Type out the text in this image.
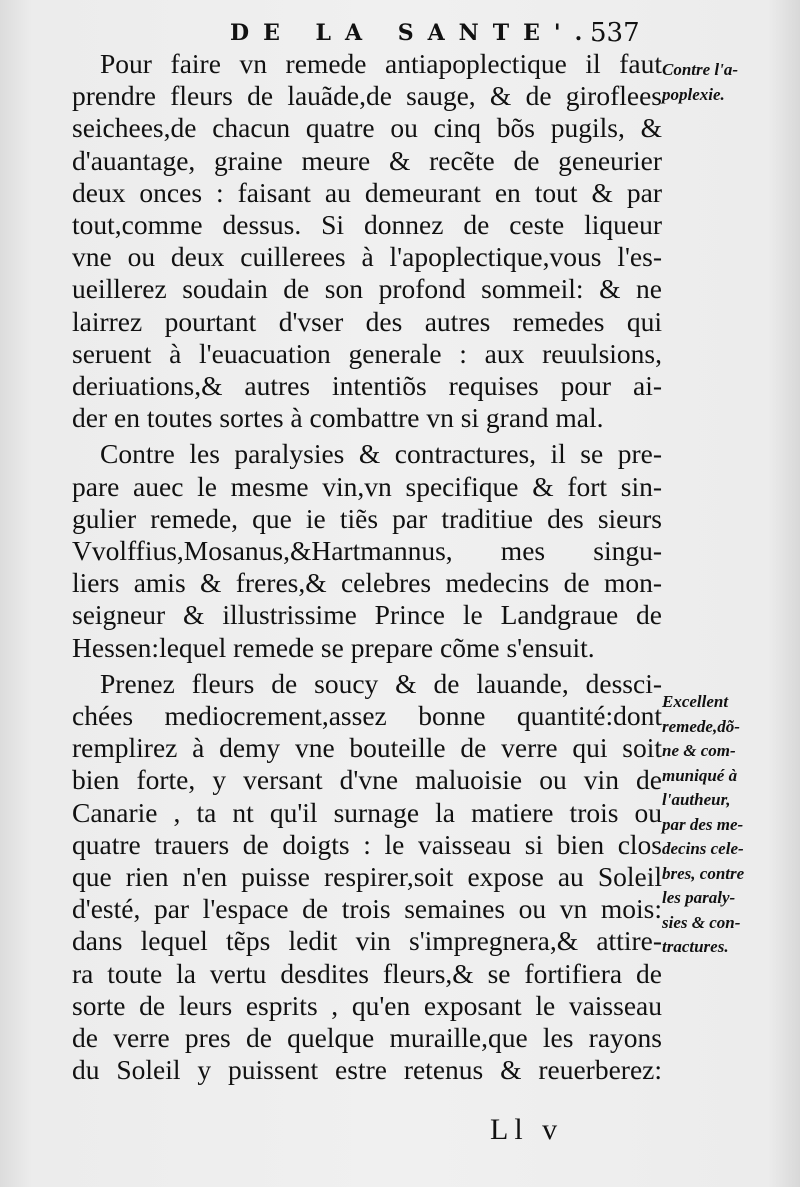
DE LA SANTE'.
537
Pour faire vn remede antiapoplectique il faut
prendre fleurs de lauãde,de sauge, & de giroflees
seichees,de chacun quatre ou cinq bõs pugils, &
d'auantage, graine meure & recẽte de geneurier
deux onces : faisant au demeurant en tout & par
tout,comme dessus. Si donnez de ceste liqueur
vne ou deux cuillerees à l'apoplectique,vous l'es-
ueillerez soudain de son profond sommeil: & ne
lairrez pourtant d'vser des autres remedes qui
seruent à l'euacuation generale : aux reuulsions,
deriuations,& autres intentiõs requises pour ai-
der en toutes sortes à combattre vn si grand mal.
Contre les paralysies & contractures, il se pre-
pare auec le mesme vin,vn specifique & fort sin-
gulier remede, que ie tiẽs par traditiue des sieurs
Vvolffius,Mosanus,&Hartmannus, mes singu-
liers amis & freres,& celebres medecins de mon-
seigneur & illustrissime Prince le Landgraue de
Hessen:lequel remede se prepare cõme s'ensuit.
Prenez fleurs de soucy & de lauande, dessci-
chées mediocrement,assez bonne quantité:dont
remplirez à demy vne bouteille de verre qui soit
bien forte, y versant d'vne maluoisie ou vin de
Canarie , ta nt qu'il surnage la matiere trois ou
quatre trauers de doigts : le vaisseau si bien clos
que rien n'en puisse respirer,soit expose au Soleil
d'esté, par l'espace de trois semaines ou vn mois:
dans lequel tẽps ledit vin s'impregnera,& attire-
ra toute la vertu desdites fleurs,& se fortifiera de
sorte de leurs esprits , qu'en exposant le vaisseau
de verre pres de quelque muraille,que les rayons
du Soleil y puissent estre retenus & reuerberez:
Contre l'a-
poplexie.
Excellent
remede,dõ-
ne & com-
muniqué à
l'autheur,
par des me-
decins cele-
bres, contre
les paraly-
sies & con-
tractures.
Ll v
